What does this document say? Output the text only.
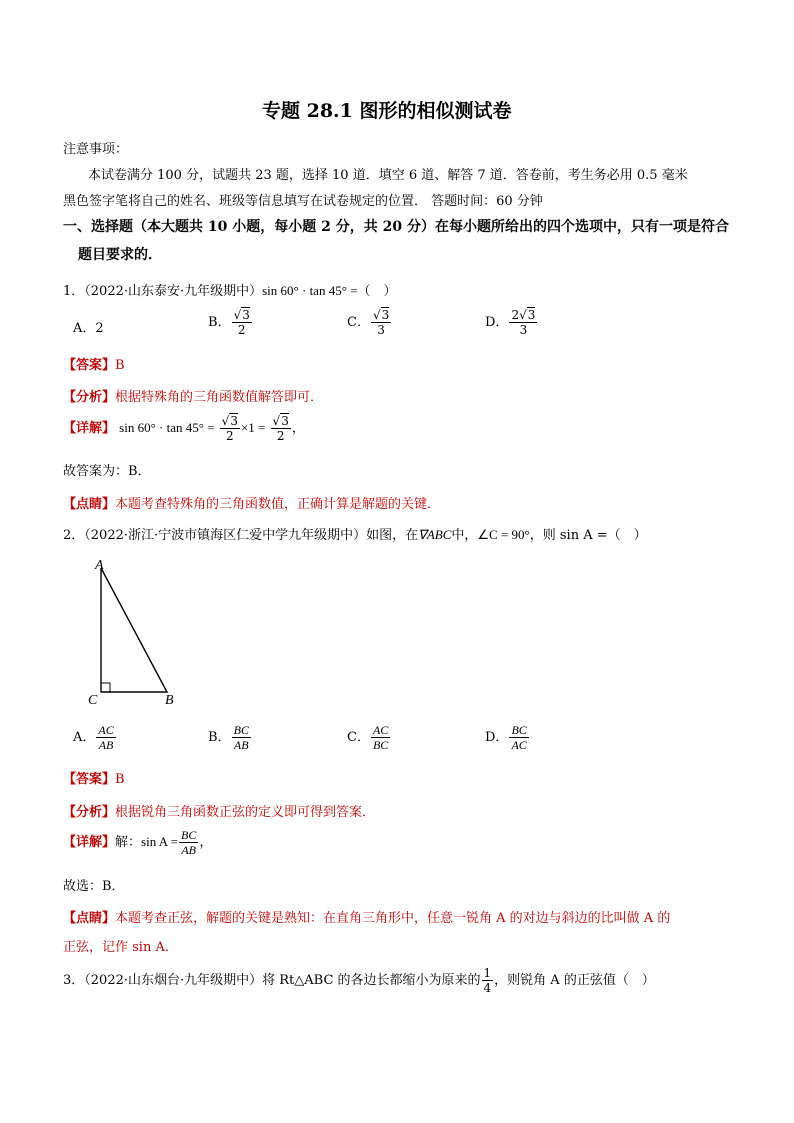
专题 28.1 图形的相似测试卷
注意事项：
本试卷满分 100 分，试题共 23 题，选择 10 道．填空 6 道、解答 7 道．答卷前，考生务必用 0.5 毫米
黑色签字笔将自己的姓名、班级等信息填写在试卷规定的位置． 答题时间：60 分钟
一、选择题（本大题共 10 小题，每小题 2 分，共 20 分）在每小题所给出的四个选项中，只有一项是符合
题目要求的．
1．（2022·山东泰安·九年级期中）sin 60° · tan 45° =（　）
A．2	B． $\frac{√3}{2}$	C． $\frac{√3}{3}$	D． $\frac{2√3}{3}$
【答案】B
【分析】根据特殊角的三角函数值解答即可．
【详解】 $\sin 60^\circ \cdot \tan 45^\circ = \frac{√3}{2} \times 1 = \frac{√3}{2}$ ，
故答案为：B．
【点睛】本题考查特殊角的三角函数值，正确计算是解题的关键．
2．（2022·浙江·宁波市镇海区仁爱中学九年级期中）如图，在∇ABC中，∠C = 90°，则 sin A =（　）
A
C	B
A． $\frac{AC}{AB}$	B． $\frac{BC}{AB}$	C． $\frac{AC}{BC}$	D． $\frac{BC}{AC}$
【答案】B
【分析】根据锐角三角函数正弦的定义即可得到答案．
【详解】解：$\sin A = \frac{BC}{AB}$ ，
故选：B．
【点睛】本题考查正弦，解题的关键是熟知：在直角三角形中，任意一锐角 A 的对边与斜边的比叫做 A 的
正弦，记作 sin A．
3．（2022·山东烟台·九年级期中）将 Rt△ABC 的各边长都缩小为原来的 $\frac{1}{4}$ ，则锐角 A 的正弦值（　）
